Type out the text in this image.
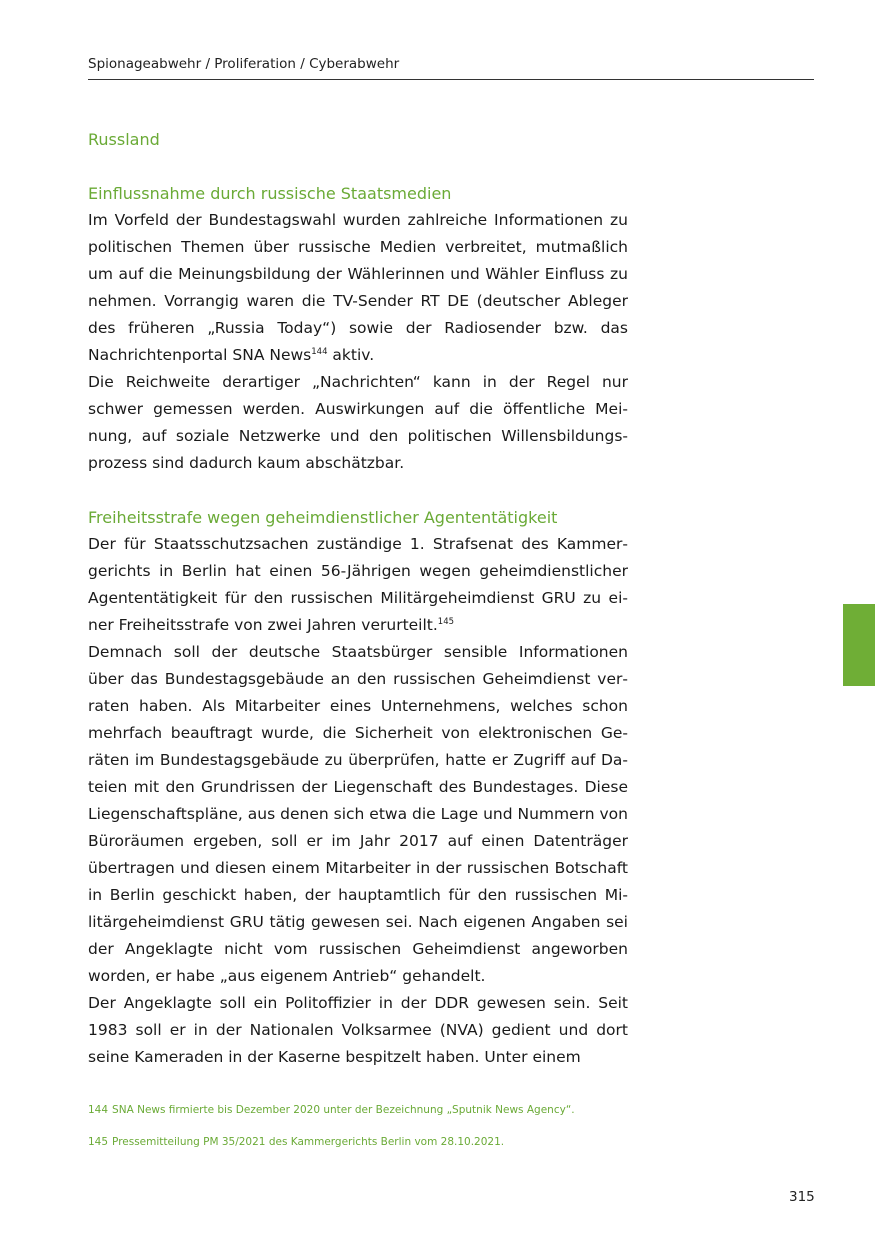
Spionageabwehr / Proliferation / Cyberabwehr
Russland
Einflussnahme durch russische Staatsmedien

Im Vorfeld der Bundestagswahl wurden zahlreiche Informationen zu politischen Themen über russische Medien verbreitet, mutmaßlich um auf die Meinungsbildung der Wählerinnen und Wähler Einfluss zu nehmen. Vorrangig waren die TV-Sender RT DE (deutscher Ableger des früheren „Russia Today“) sowie der Radiosender bzw. das Nachrichtenportal SNA News$^{144}$ aktiv.

Die Reichweite derartiger „Nachrichten“ kann in der Regel nur schwer gemessen werden. Auswirkungen auf die öffentliche Meinung, auf soziale Netzwerke und den politischen Willensbildungsprozess sind dadurch kaum abschätzbar.

Freiheitsstrafe wegen geheimdienstlicher Agententätigkeit

Der für Staatsschutzsachen zuständige 1. Strafsenat des Kammergerichts in Berlin hat einen 56-Jährigen wegen geheimdienstlicher Agententätigkeit für den russischen Militärgeheimdienst GRU zu einer Freiheitsstrafe von zwei Jahren verurteilt.$^{145}$

Demnach soll der deutsche Staatsbürger sensible Informationen über das Bundestagsgebäude an den russischen Geheimdienst verraten haben. Als Mitarbeiter eines Unternehmens, welches schon mehrfach beauftragt wurde, die Sicherheit von elektronischen Geräten im Bundestagsgebäude zu überprüfen, hatte er Zugriff auf Dateien mit den Grundrissen der Liegenschaft des Bundestages. Diese Liegenschaftspläne, aus denen sich etwa die Lage und Nummern von Büroräumen ergeben, soll er im Jahr 2017 auf einen Datenträger übertragen und diesen einem Mitarbeiter in der russischen Botschaft in Berlin geschickt haben, der hauptamtlich für den russischen Militärgeheimdienst GRU tätig gewesen sei. Nach eigenen Angaben sei der Angeklagte nicht vom russischen Geheimdienst angeworben worden, er habe „aus eigenem Antrieb“ gehandelt.

Der Angeklagte soll ein Politoffizier in der DDR gewesen sein. Seit 1983 soll er in der Nationalen Volksarmee (NVA) gedient und dort seine Kameraden in der Kaserne bespitzelt haben. Unter einem

144 SNA News firmierte bis Dezember 2020 unter der Bezeichnung „Sputnik News Agency“.

145 Pressemitteilung PM 35/2021 des Kammergerichts Berlin vom 28.10.2021.

315
